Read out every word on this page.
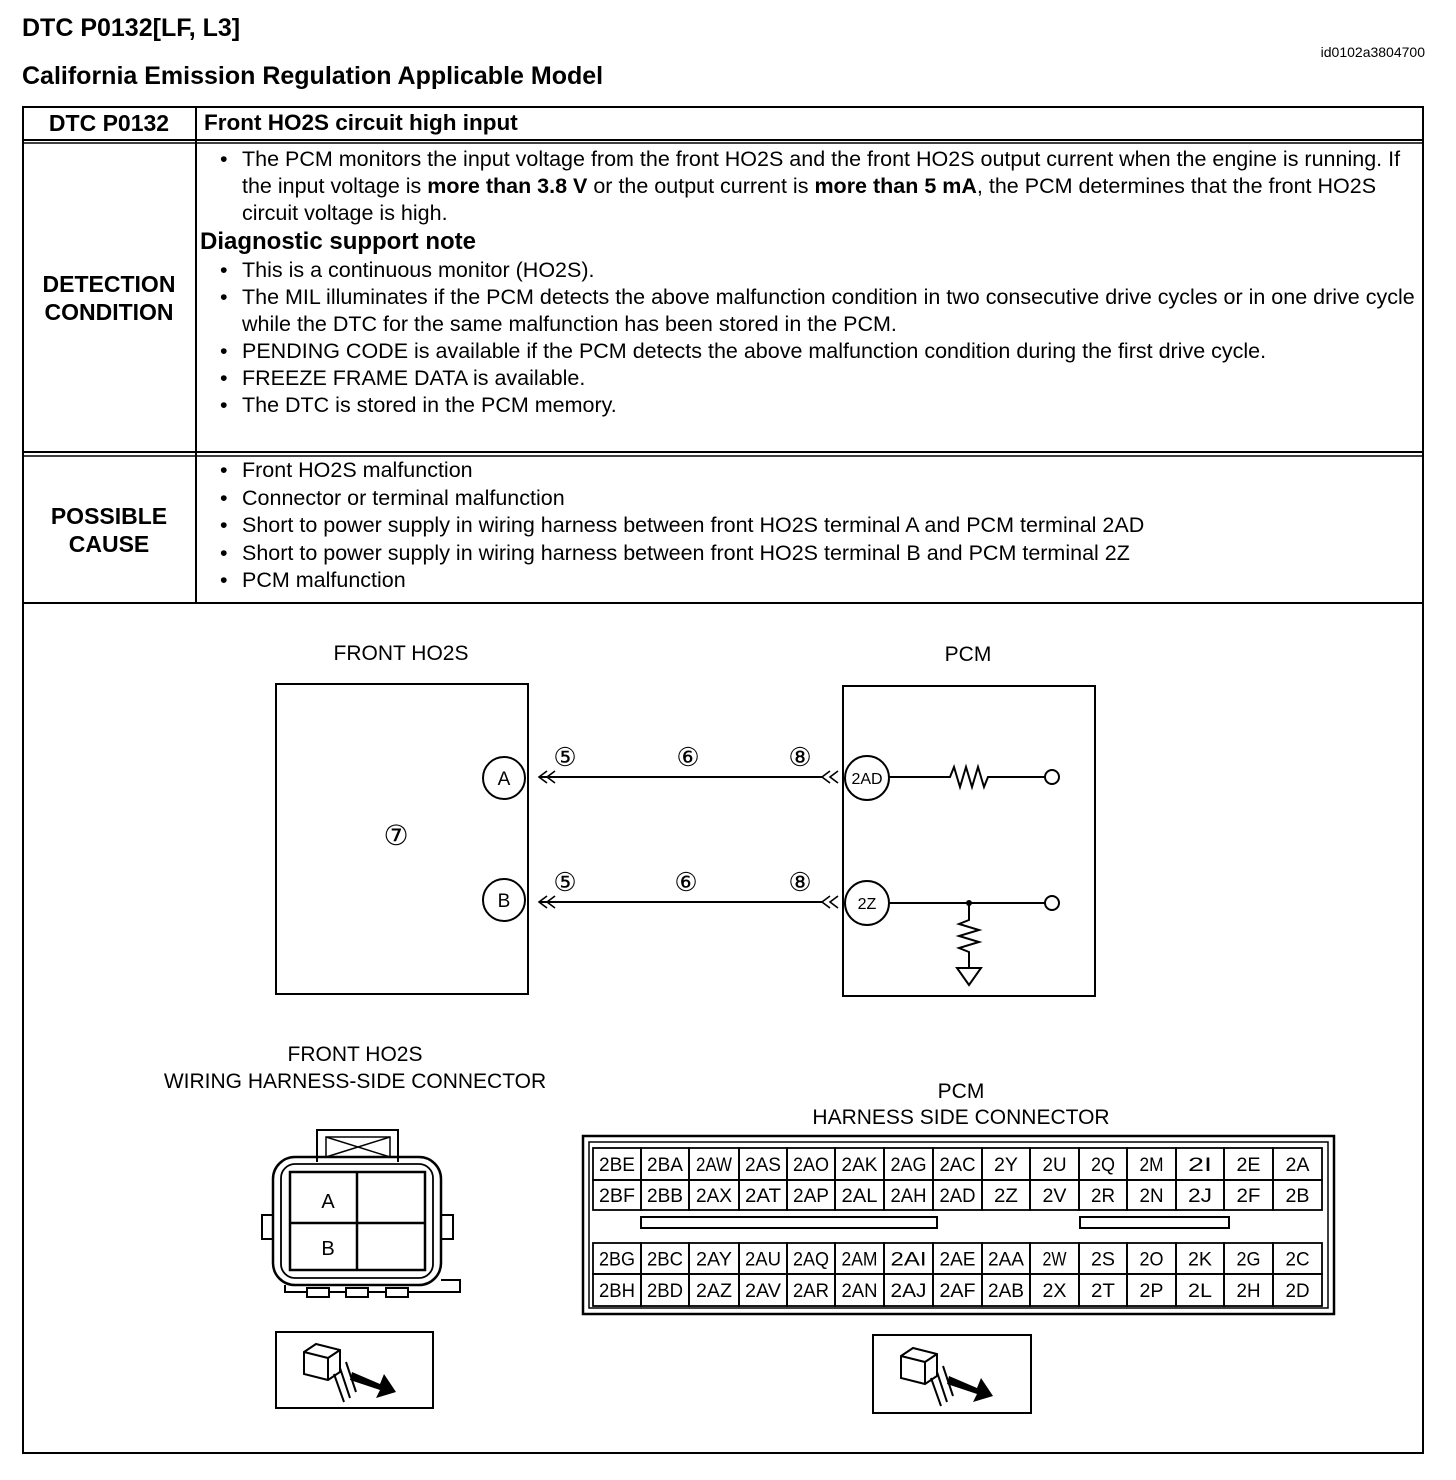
DTC P0132[LF, L3]
id0102a3804700
California Emission Regulation Applicable Model
DTC P0132 Front HO2S circuit high input
DETECTION
CONDITION
• The PCM monitors the input voltage from the front HO2S and the front HO2S output current when the engine is running. If the input voltage is more than 3.8 V or the output current is more than 5 mA, the PCM determines that the front HO2S circuit voltage is high.
Diagnostic support note
• This is a continuous monitor (HO2S).
• The MIL illuminates if the PCM detects the above malfunction condition in two consecutive drive cycles or in one drive cycle while the DTC for the same malfunction has been stored in the PCM.
• PENDING CODE is available if the PCM detects the above malfunction condition during the first drive cycle.
• FREEZE FRAME DATA is available.
• The DTC is stored in the PCM memory.
POSSIBLE
CAUSE
• Front HO2S malfunction
• Connector or terminal malfunction
• Short to power supply in wiring harness between front HO2S terminal A and PCM terminal 2AD
• Short to power supply in wiring harness between front HO2S terminal B and PCM terminal 2Z
• PCM malfunction
FRONT HO2S	PCM
⑦
A
⑤	⑥	⑧
2AD
B
⑤	⑥	⑧
2Z
FRONT HO2S
WIRING HARNESS-SIDE CONNECTOR
A
B
PCM
HARNESS SIDE CONNECTOR
2BE 2BA 2AW 2AS 2AO 2AK 2AG 2AC 2Y 2U 2Q 2M 2I 2E 2A
2BF 2BB 2AX 2AT 2AP 2AL 2AH 2AD 2Z 2V 2R 2N 2J 2F 2B
2BG 2BC 2AY 2AU 2AQ 2AM 2AI 2AE 2AA 2W 2S 2O 2K 2G 2C
2BH 2BD 2AZ 2AV 2AR 2AN 2AJ 2AF 2AB 2X 2T 2P 2L 2H 2D
